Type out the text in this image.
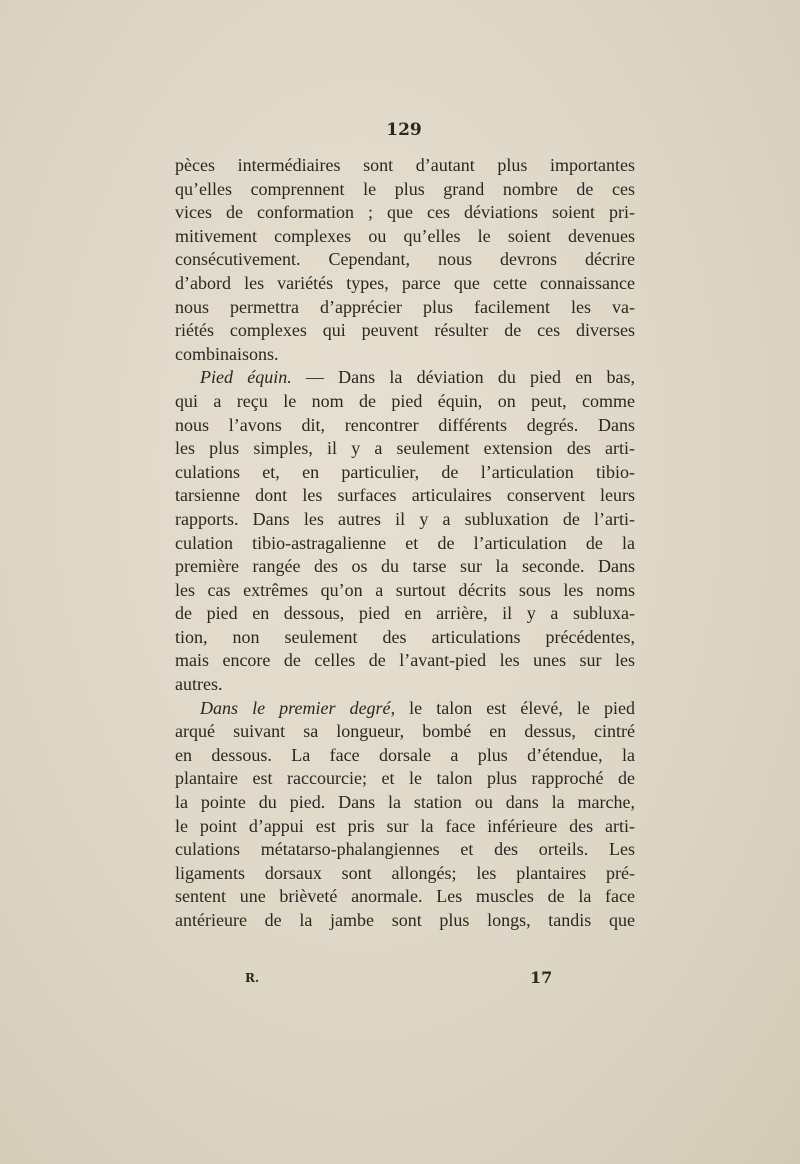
129
pèces intermédiaires sont d’autant plus importantes
qu’elles comprennent le plus grand nombre de ces
vices de conformation ; que ces déviations soient pri-
mitivement complexes ou qu’elles le soient devenues
consécutivement. Cependant, nous devrons décrire
d’abord les variétés types, parce que cette connaissance
nous permettra d’apprécier plus facilement les va-
riétés complexes qui peuvent résulter de ces diverses
combinaisons.
Pied équin. — Dans la déviation du pied en bas,
qui a reçu le nom de pied équin, on peut, comme
nous l’avons dit, rencontrer différents degrés. Dans
les plus simples, il y a seulement extension des arti-
culations et, en particulier, de l’articulation tibio-
tarsienne dont les surfaces articulaires conservent leurs
rapports. Dans les autres il y a subluxation de l’arti-
culation tibio-astragalienne et de l’articulation de la
première rangée des os du tarse sur la seconde. Dans
les cas extrêmes qu’on a surtout décrits sous les noms
de pied en dessous, pied en arrière, il y a subluxa-
tion, non seulement des articulations précédentes,
mais encore de celles de l’avant-pied les unes sur les
autres.
Dans le premier degré, le talon est élevé, le pied
arqué suivant sa longueur, bombé en dessus, cintré
en dessous. La face dorsale a plus d’étendue, la
plantaire est raccourcie; et le talon plus rapproché de
la pointe du pied. Dans la station ou dans la marche,
le point d’appui est pris sur la face inférieure des arti-
culations métatarso-phalangiennes et des orteils. Les
ligaments dorsaux sont allongés; les plantaires pré-
sentent une brièveté anormale. Les muscles de la face
antérieure de la jambe sont plus longs, tandis que
R.	17
